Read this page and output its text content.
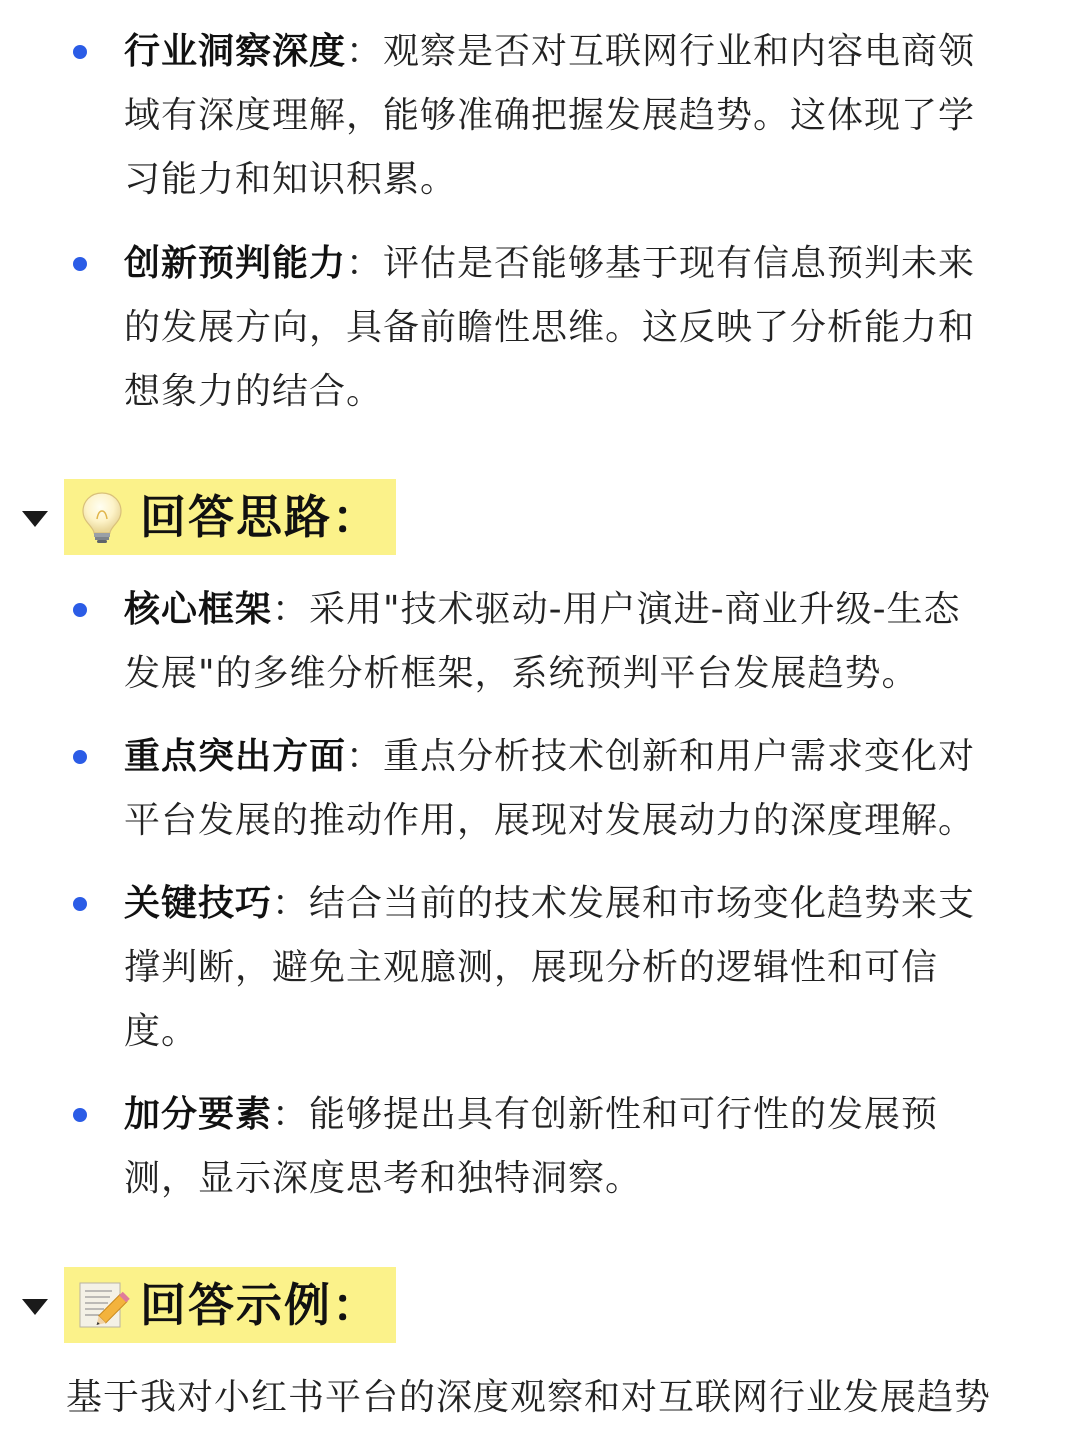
行业洞察深度：观察是否对互联网行业和内容电商领
域有深度理解，能够准确把握发展趋势。这体现了学
习能力和知识积累。
创新预判能力：评估是否能够基于现有信息预判未来
的发展方向，具备前瞻性思维。这反映了分析能力和
想象力的结合。
回答思路：
核心框架：采用"技术驱动-用户演进-商业升级-生态
发展"的多维分析框架，系统预判平台发展趋势。
重点突出方面：重点分析技术创新和用户需求变化对
平台发展的推动作用，展现对发展动力的深度理解。
关键技巧：结合当前的技术发展和市场变化趋势来支
撑判断，避免主观臆测，展现分析的逻辑性和可信
度。
加分要素：能够提出具有创新性和可行性的发展预
测，显示深度思考和独特洞察。
回答示例：
基于我对小红书平台的深度观察和对互联网行业发展趋势
